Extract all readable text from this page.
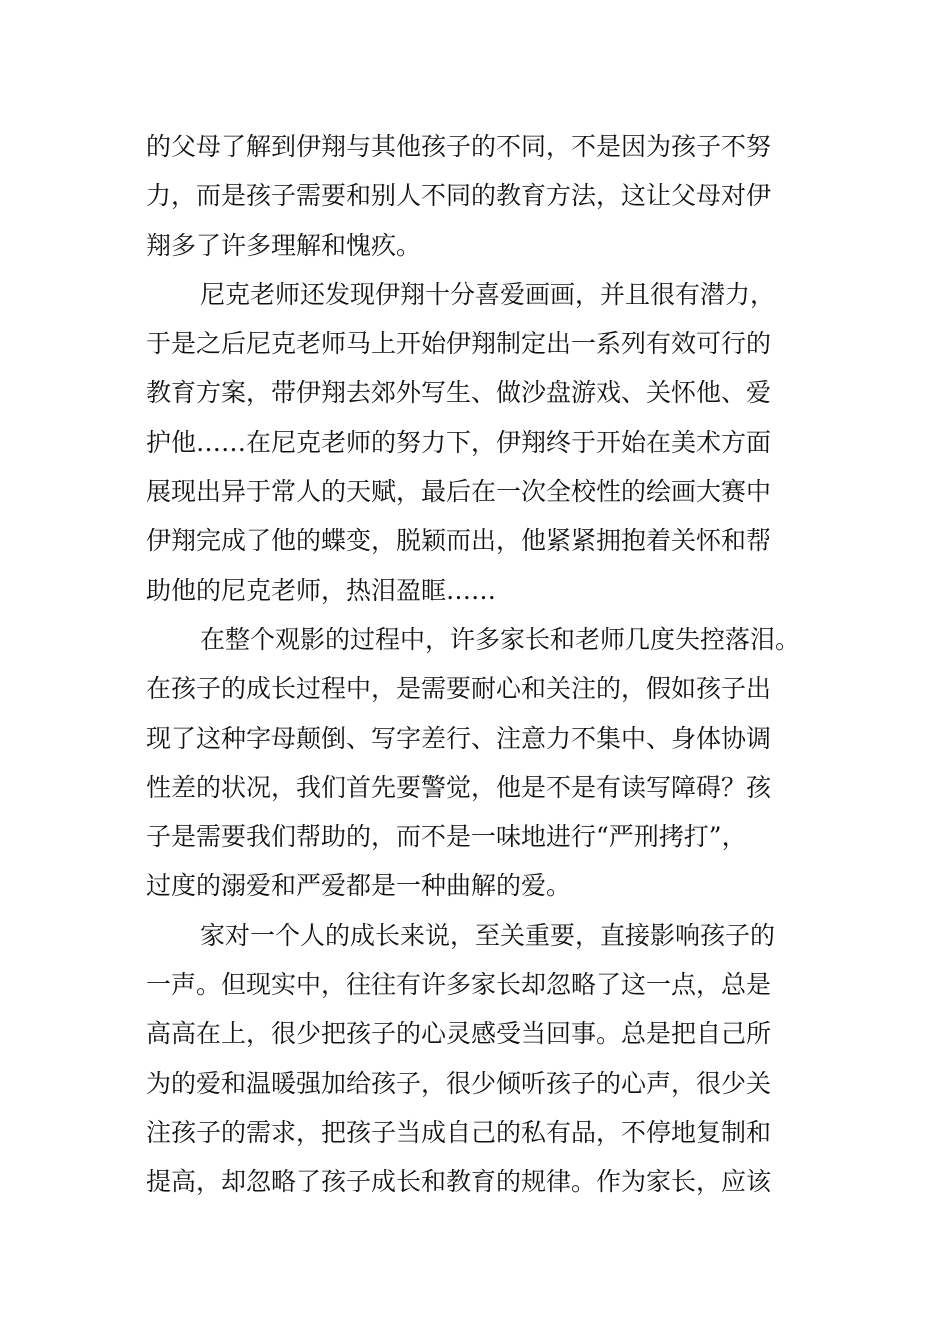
的父母了解到伊翔与其他孩子的不同，不是因为孩子不努
力，而是孩子需要和别人不同的教育方法，这让父母对伊
翔多了许多理解和愧疚。
尼克老师还发现伊翔十分喜爱画画，并且很有潜力，
于是之后尼克老师马上开始伊翔制定出一系列有效可行的
教育方案，带伊翔去郊外写生、做沙盘游戏、关怀他、爱
护他……在尼克老师的努力下，伊翔终于开始在美术方面
展现出异于常人的天赋，最后在一次全校性的绘画大赛中
伊翔完成了他的蝶变，脱颖而出，他紧紧拥抱着关怀和帮
助他的尼克老师，热泪盈眶……
在整个观影的过程中，许多家长和老师几度失控落泪。
在孩子的成长过程中，是需要耐心和关注的，假如孩子出
现了这种字母颠倒、写字差行、注意力不集中、身体协调
性差的状况，我们首先要警觉，他是不是有读写障碍？孩
子是需要我们帮助的，而不是一味地进行“严刑拷打”，
过度的溺爱和严爱都是一种曲解的爱。
家对一个人的成长来说，至关重要，直接影响孩子的
一声。但现实中，往往有许多家长却忽略了这一点，总是
高高在上，很少把孩子的心灵感受当回事。总是把自己所
为的爱和温暖强加给孩子，很少倾听孩子的心声，很少关
注孩子的需求，把孩子当成自己的私有品，不停地复制和
提高，却忽略了孩子成长和教育的规律。作为家长，应该
